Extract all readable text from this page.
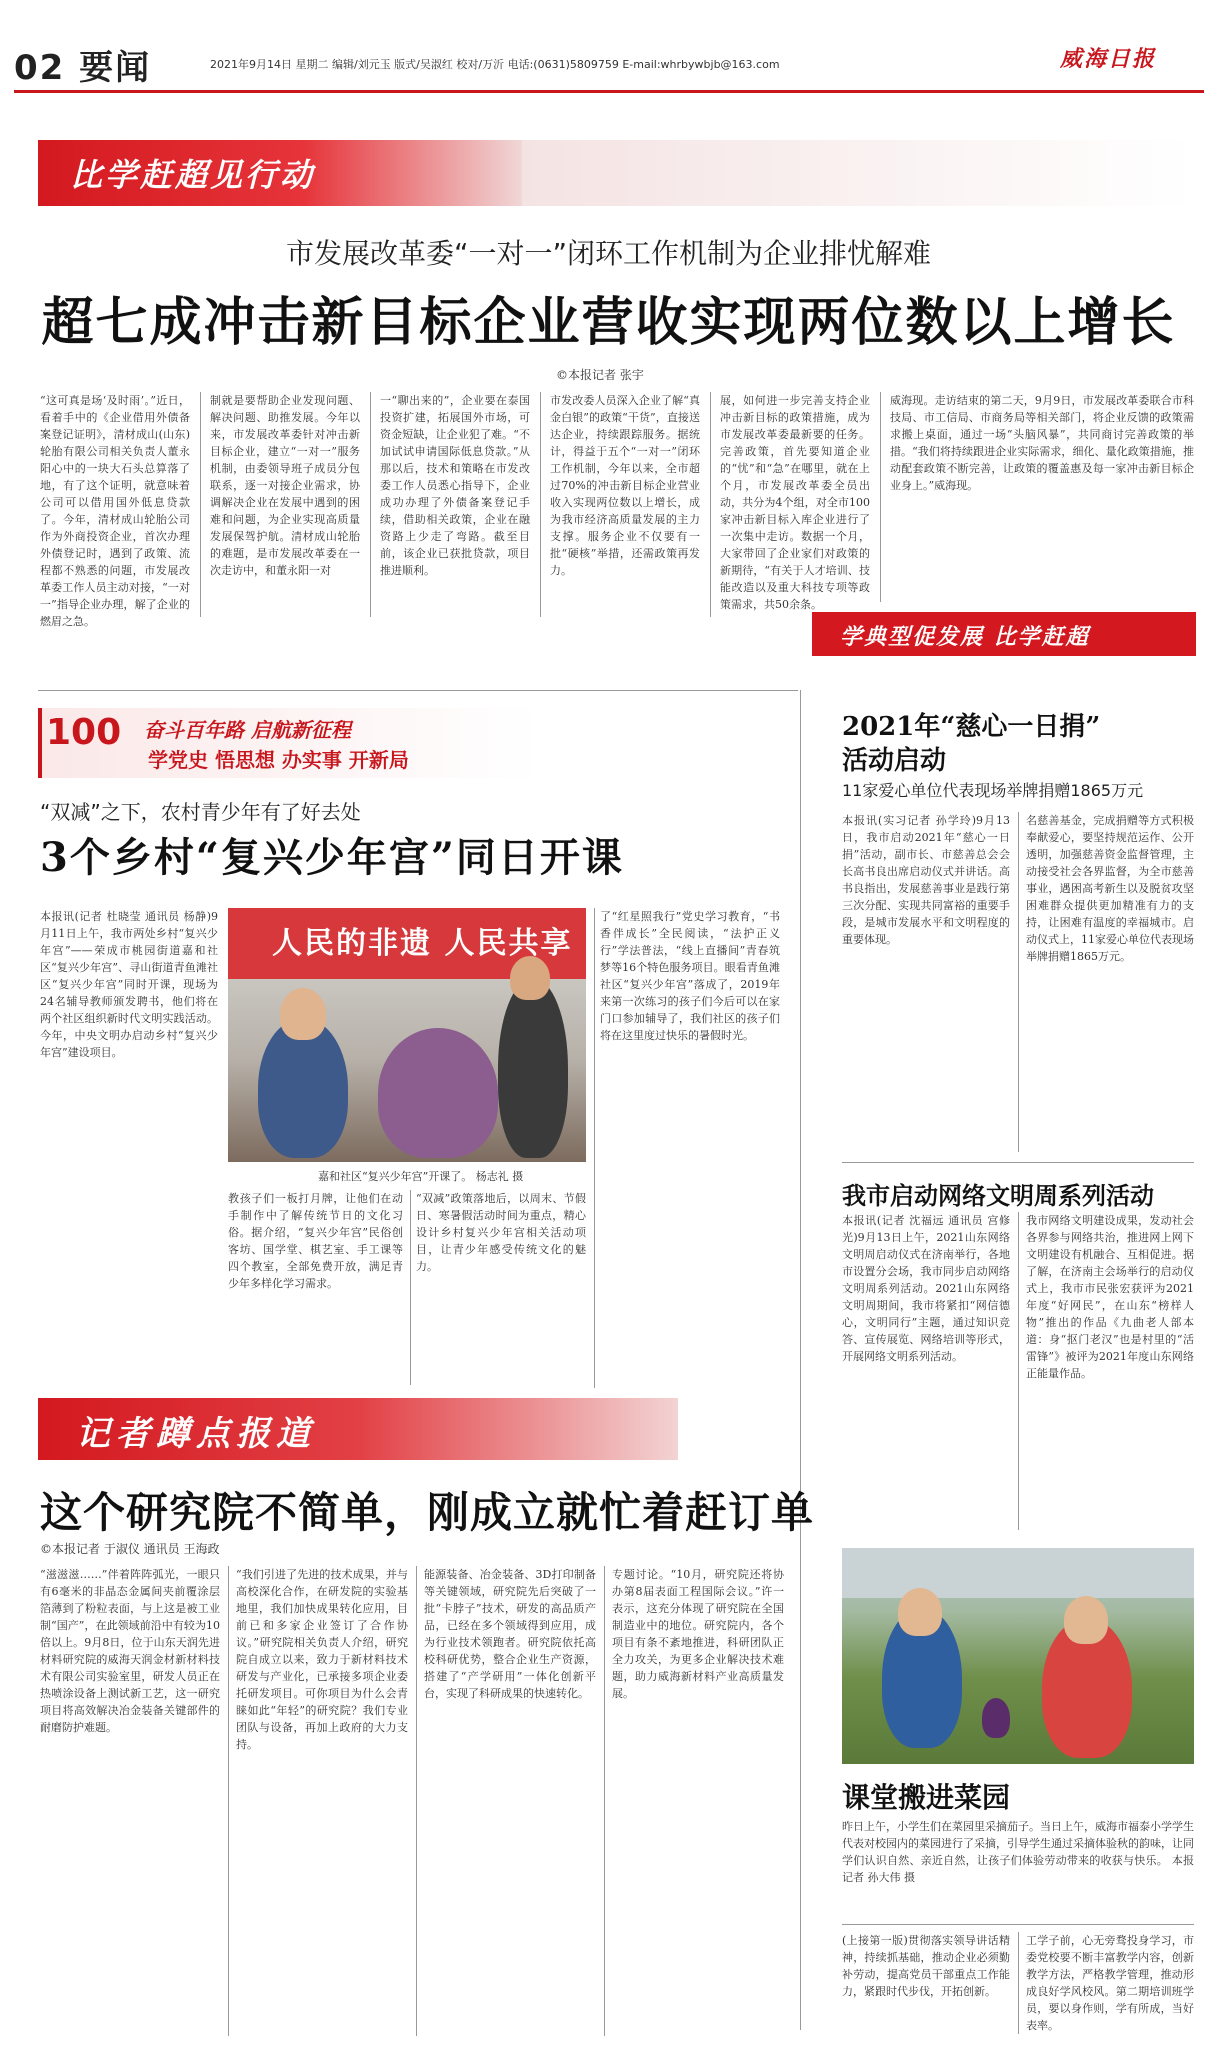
02 要闻	2021年9月14日 星期二 编辑/刘元玉 版式/吴淑红 校对/万沂 电话:(0631)5809759 E-mail:whrbywbjb@163.com	威海日报
比学赶超见行动
市发展改革委“一对一”闭环工作机制为企业排忧解难
超七成冲击新目标企业营收实现两位数以上增长
©本报记者 张宇
“这可真是场‘及时雨’。”近日，看着手中的《企业借用外债备案登记证明》，清材成山(山东)轮胎有限公司相关负责人董永阳心中的一块大石头总算落了地，有了这个证明，就意味着公司可以借用国外低息贷款了。今年，清材成山轮胎公司作为外商投资企业，首次办理外债登记时，遇到了政策、流程都不熟悉的问题，市发展改革委工作人员主动对接，“一对一”指导企业办理，解了企业的燃眉之急。
制就是要帮助企业发现问题、解决问题、助推发展。今年以来，市发展改革委针对冲击新目标企业，建立“一对一”服务机制，由委领导班子成员分包联系，逐一对接企业需求，协调解决企业在发展中遇到的困难和问题，为企业实现高质量发展保驾护航。清材成山轮胎的难题，是市发展改革委在一次走访中，和董永阳一对
一“聊出来的”，企业要在泰国投资扩建，拓展国外市场，可资金短缺，让企业犯了难。“不加试试申请国际低息贷款。”从那以后，技术和策略在市发改委工作人员悉心指导下，企业成功办理了外债备案登记手续，借助相关政策，企业在融资路上少走了弯路。截至目前，该企业已获批贷款，项目推进顺利。
市发改委人员深入企业了解“真金白银”的政策“干货”，直接送达企业，持续跟踪服务。据统计，得益于五个“一对一”闭环工作机制，今年以来，全市超过70%的冲击新目标企业营业收入实现两位数以上增长，成为我市经济高质量发展的主力支撑。服务企业不仅要有一批“硬核”举措，还需政策再发力。
展，如何进一步完善支持企业冲击新目标的政策措施，成为市发展改革委最新要的任务。完善政策，首先要知道企业的“忧”和“急”在哪里，就在上个月，市发展改革委全员出动，共分为4个组，对全市100家冲击新目标入库企业进行了一次集中走访。数据一个月，大家带回了企业家们对政策的新期待，“有关于人才培训、技能改造以及重大科技专项等政策需求，共50余条。
威海现。走访结束的第二天，9月9日，市发展改革委联合市科技局、市工信局、市商务局等相关部门，将企业反馈的政策需求搬上桌面，通过一场“头脑风暴”，共同商讨完善政策的举措。“我们将持续跟进企业实际需求，细化、量化政策措施，推动配套政策不断完善，让政策的覆盖惠及每一家冲击新目标企业身上。”威海现。
学典型促发展 比学赶超
100 奋斗百年路 启航新征程
学党史 悟思想 办实事 开新局
“双减”之下，农村青少年有了好去处
3个乡村“复兴少年宫”同日开课
本报讯(记者 杜晓莹 通讯员 杨静)9月11日上午，我市两处乡村“复兴少年宫”——荣成市桃园街道嘉和社区“复兴少年宫”、寻山街道青鱼滩社区“复兴少年宫”同时开课，现场为24名辅导教师颁发聘书，他们将在两个社区组织新时代文明实践活动。今年，中央文明办启动乡村“复兴少年宫”建设项目。
人民的非遗 人民共享
嘉和社区“复兴少年宫”开课了。 杨志礼 摄
教孩子们一板打月牌，让他们在动手制作中了解传统节日的文化习俗。据介绍，“复兴少年宫”民俗创客坊、国学堂、棋艺室、手工课等四个教室，全部免费开放，满足青少年多样化学习需求。
“双减”政策落地后，以周末、节假日、寒暑假活动时间为重点，精心设计乡村复兴少年宫相关活动项目，让青少年感受传统文化的魅力。
了“红星照我行”党史学习教育，“书香伴成长”全民阅读，“法护正义行”学法普法，“线上直播间”青春筑梦等16个特色服务项目。眼看青鱼滩社区“复兴少年宫”落成了，2019年来第一次练习的孩子们今后可以在家门口参加辅导了，我们社区的孩子们将在这里度过快乐的暑假时光。
2021年“慈心一日捐”
活动启动
11家爱心单位代表现场举牌捐赠1865万元
本报讯(实习记者 孙学玲)9月13日，我市启动2021年“慈心一日捐”活动，副市长、市慈善总会会长高书良出席启动仪式并讲话。高书良指出，发展慈善事业是践行第三次分配、实现共同富裕的重要手段，是城市发展水平和文明程度的重要体现。
名慈善基金，完成捐赠等方式积极奉献爱心，要坚持规范运作、公开透明，加强慈善资金监督管理，主动接受社会各界监督，为全市慈善事业，遇困高考新生以及脱贫攻坚困难群众提供更加精准有力的支持，让困难有温度的幸福城市。启动仪式上，11家爱心单位代表现场举牌捐赠1865万元。
我市启动网络文明周系列活动
本报讯(记者 沈福远 通讯员 宫修光)9月13日上午，2021山东网络文明周启动仪式在济南举行，各地市设置分会场，我市同步启动网络文明周系列活动。2021山东网络文明周期间，我市将紧扣“网信德心，文明同行”主题，通过知识竞答、宣传展览、网络培训等形式，开展网络文明系列活动。
我市网络文明建设成果，发动社会各界参与网络共治，推进网上网下文明建设有机融合、互相促进。据了解，在济南主会场举行的启动仪式上，我市市民张宏获评为2021年度“好网民”，在山东“榜样人物”推出的作品《九曲老人部本道：身“抠门老汉”也是村里的“活雷锋”》被评为2021年度山东网络正能量作品。
记者蹲点报道
这个研究院不简单，刚成立就忙着赶订单
©本报记者 于淑仪 通讯员 王海政
“滋滋滋……”伴着阵阵弧光，一眼只有6毫米的非晶态金属间夹前覆涂层箔薄到了粉粒表面，与上这是被工业制“国产”，在此领域前沿中有较为10倍以上。9月8日，位于山东天润先进材料研究院的威海天润金材新材料技术有限公司实验室里，研发人员正在热喷涂设备上测试新工艺，这一研究项目将高效解决冶金装备关键部件的耐磨防护难题。
“我们引进了先进的技术成果，并与高校深化合作，在研发院的实验基地里，我们加快成果转化应用，目前已和多家企业签订了合作协议。”研究院相关负责人介绍，研究院自成立以来，致力于新材料技术研发与产业化，已承接多项企业委托研发项目。可你项目为什么会青睐如此“年轻”的研究院？我们专业团队与设备，再加上政府的大力支持。
能源装备、冶金装备、3D打印制备等关键领域，研究院先后突破了一批“卡脖子”技术，研发的高品质产品，已经在多个领域得到应用，成为行业技术领跑者。研究院依托高校科研优势，整合企业生产资源，搭建了“产学研用”一体化创新平台，实现了科研成果的快速转化。
专题讨论。“10月，研究院还将协办第8届表面工程国际会议。”许一表示，这充分体现了研究院在全国制造业中的地位。研究院内，各个项目有条不紊地推进，科研团队正全力攻关，为更多企业解决技术难题，助力威海新材料产业高质量发展。
课堂搬进菜园
昨日上午，小学生们在菜园里采摘茄子。当日上午，威海市福泰小学学生代表对校园内的菜园进行了采摘，引导学生通过采摘体验秋的韵味，让同学们认识自然、亲近自然，让孩子们体验劳动带来的收获与快乐。 本报记者 孙大伟 摄
(上接第一版)贯彻落实领导讲话精神，持续抓基础，推动企业必须勤补劳动，提高党员干部重点工作能力，紧跟时代步伐，开拓创新。
工学子前，心无旁骛投身学习，市委党校要不断丰富教学内容，创新教学方法，严格教学管理，推动形成良好学风校风。第二期培训班学员，要以身作则，学有所成，当好表率。
